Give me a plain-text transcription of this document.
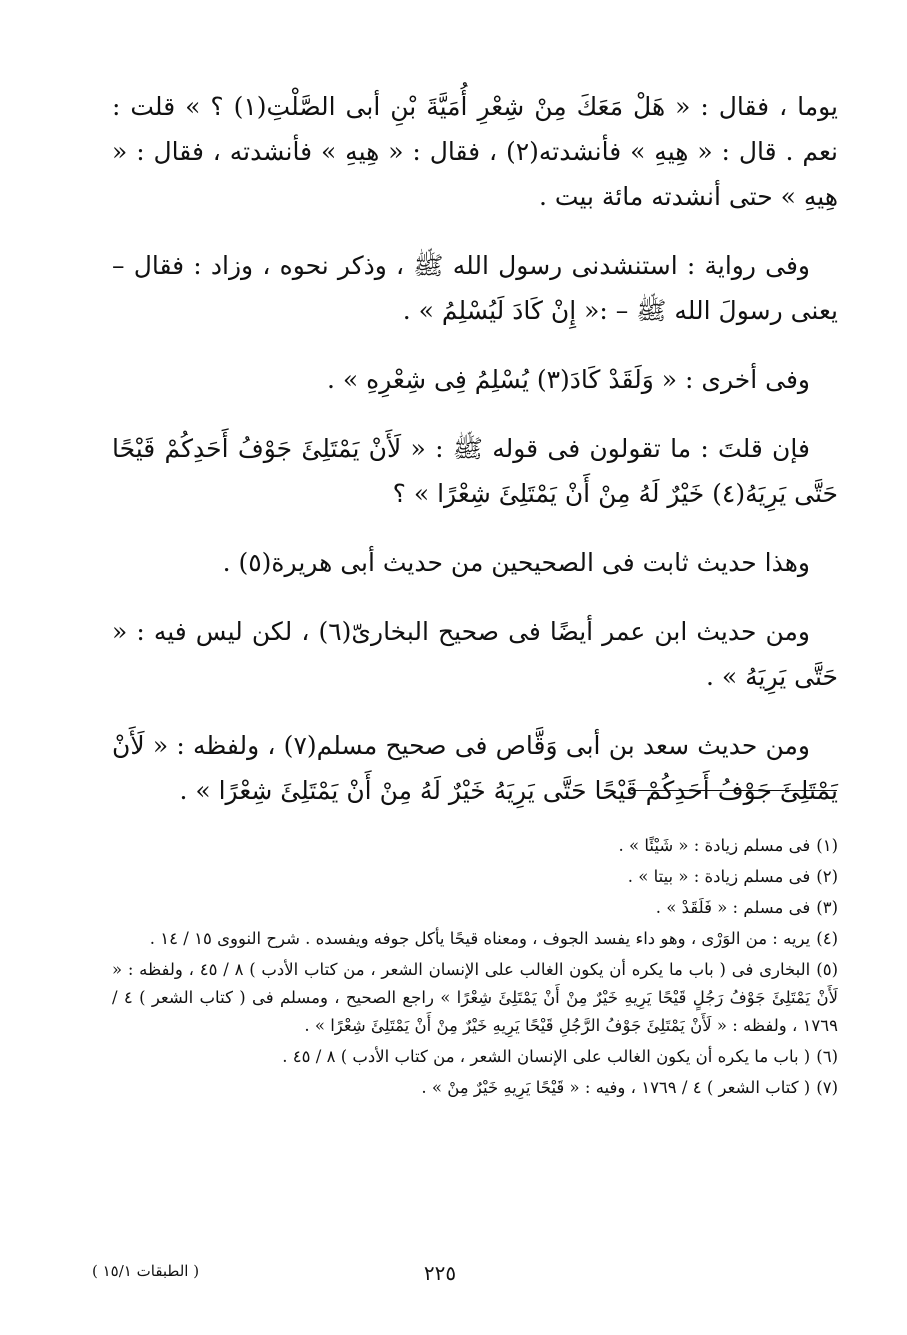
يوما ، فقال : « هَلْ مَعَكَ مِنْ شِعْرِ أُمَيَّةَ بْنِ أبى الصَّلْتِ(١) ؟ » قلت : نعم . قال : « هِيهِ » فأنشدته(٢) ، فقال : « هِيهِ » فأنشدته ، فقال : « هِيهِ » حتى أنشدته مائة بيت .

وفى رواية : استنشدنى رسول الله ﷺ ، وذكر نحوه ، وزاد : فقال – يعنى رسولَ الله ﷺ – :« إِنْ كَادَ لَيُسْلِمُ » .

وفى أخرى : « وَلَقَدْ كَادَ(٣) يُسْلِمُ فِى شِعْرِهِ » .

فإن قلتَ : ما تقولون فى قوله ﷺ : « لَأَنْ يَمْتَلِئَ جَوْفُ أَحَدِكُمْ قَيْحًا حَتَّى يَرِيَهُ(٤) خَيْرٌ لَهُ مِنْ أَنْ يَمْتَلِئَ شِعْرًا » ؟

وهذا حديث ثابت فى الصحيحين من حديث أبى هريرة(٥) .

ومن حديث ابن عمر أيضًا فى صحيح البخارىّ(٦) ، لكن ليس فيه : « حَتَّى يَرِيَهُ » .

ومن حديث سعد بن أبى وَقَّاص فى صحيح مسلم(٧) ، ولفظه : « لَأَنْ يَمْتَلِئَ جَوْفُ أَحَدِكُمْ قَيْحًا حَتَّى يَرِيَهُ خَيْرٌ لَهُ مِنْ أَنْ يَمْتَلِئَ شِعْرًا » .

(١)فى مسلم زيادة : « شَيْئًا » .
(٢)فى مسلم زيادة : « بيتا » .
(٣)فى مسلم : « فَلَقَدْ » .
(٤)يريه : من الوَرْى ، وهو داء يفسد الجوف ، ومعناه قيحًا يأكل جوفه ويفسده . شرح النووى ١٥ / ١٤ .
(٥)البخارى فى ( باب ما يكره أن يكون الغالب على الإنسان الشعر ، من كتاب الأدب ) ٨ / ٤٥ ، ولفظه : « لَأَنْ يَمْتَلِئَ جَوْفُ رَجُلٍ قَيْحًا يَرِيهِ خَيْرٌ مِنْ أَنْ يَمْتَلِئَ شِعْرًا » راجع الصحيح ، ومسلم فى ( كتاب الشعر ) ٤ / ١٧٦٩ ، ولفظه : « لَأَنْ يَمْتَلِئَ جَوْفُ الرَّجُلِ قَيْحًا يَرِيهِ خَيْرٌ مِنْ أَنْ يَمْتَلِئَ شِعْرًا » .
(٦)( باب ما يكره أن يكون الغالب على الإنسان الشعر ، من كتاب الأدب ) ٨ / ٤٥ .
(٧)( كتاب الشعر ) ٤ / ١٧٦٩ ، وفيه : « قَيْحًا يَرِيهِ خَيْرٌ مِنْ » .
٢٢٥
( الطبقات ١٥/١ )
